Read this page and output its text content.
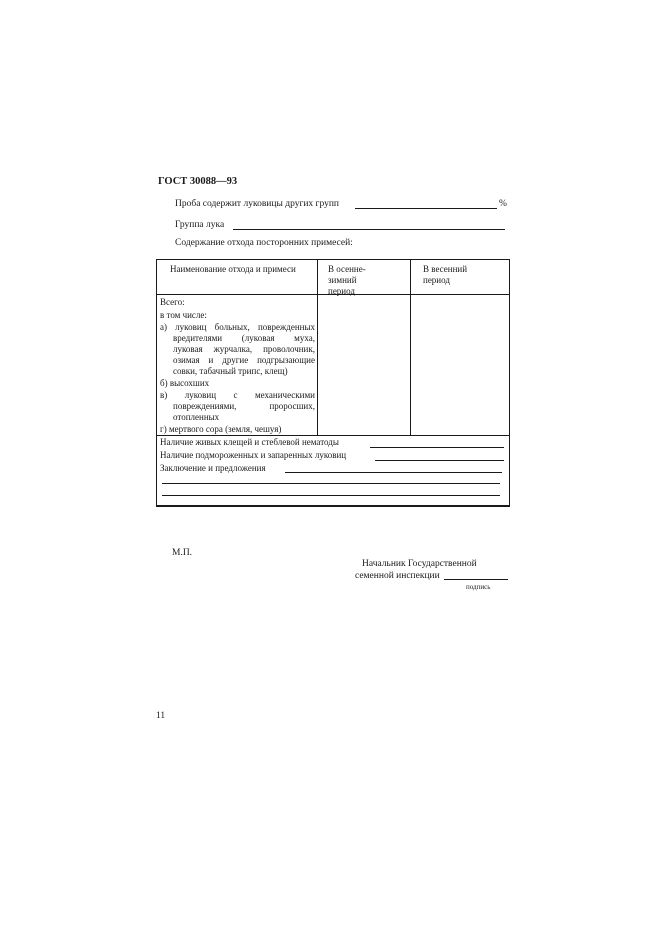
ГОСТ 30088—93
Проба содержит луковицы других групп	%
Группа лука
Содержание отхода посторонних примесей:
Наименование отхода и примеси	В осенне-
зимний
период
В весенний
период
Всего:
в том числе:
а) луковиц больных, поврежденных
вредителями (луковая муха,
луковая журчалка, проволочник,
озимая и другие подгрызающие
совки, табачный трипс, клещ)
б) высохших
в) луковиц с механическими
повреждениями, проросших,
отопленных
г) мертвого сора (земля, чешуя)
Наличие живых клещей и стеблевой нематоды
Наличие подмороженных и запаренных луковиц
Заключение и предложения
М.П.
Начальник Государственной
семенной инспекции
подпись
11
